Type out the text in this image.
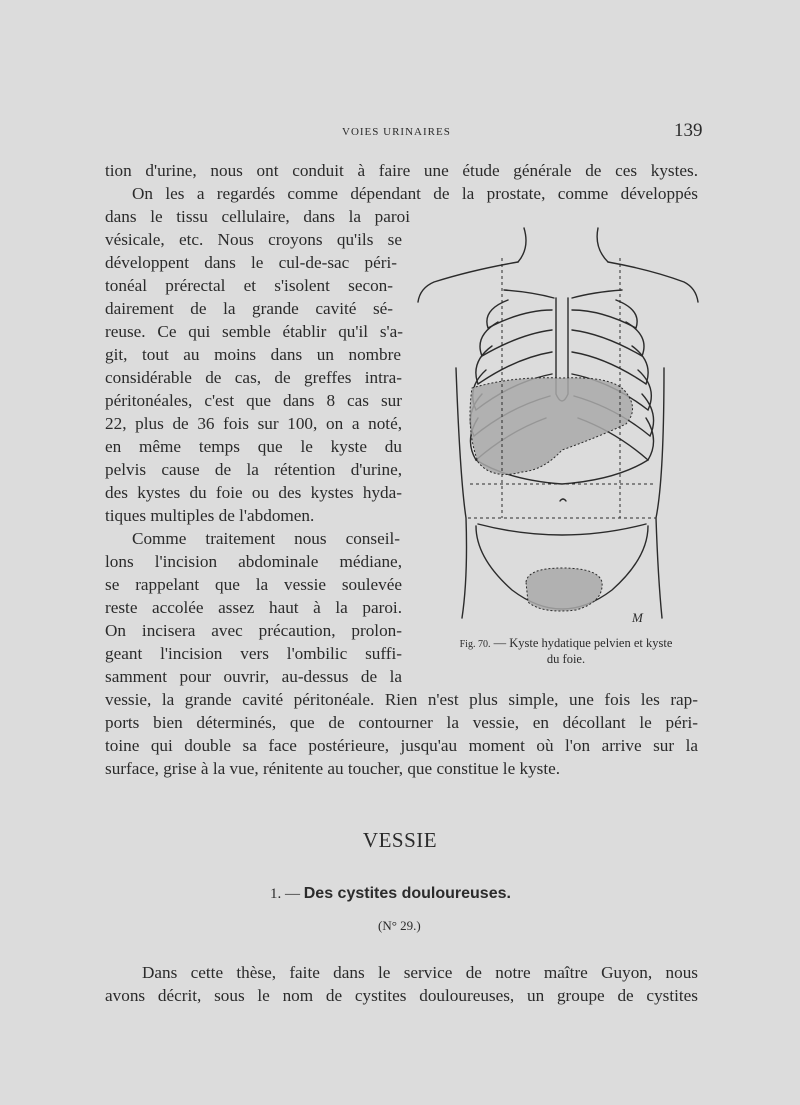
VOIES URINAIRES	139
tion d'urine, nous ont conduit à faire une étude générale de ces kystes.
On les a regardés comme dépendant de la prostate, comme développés
dans le tissu cellulaire, dans la paroi
vésicale, etc. Nous croyons qu'ils se
développent dans le cul-de-sac péri-
tonéal prérectal et s'isolent secon-
dairement de la grande cavité sé-
reuse. Ce qui semble établir qu'il s'a-
git, tout au moins dans un nombre
considérable de cas, de greffes intra-
péritonéales, c'est que dans 8 cas sur
22, plus de 36 fois sur 100, on a noté,
en même temps que le kyste du
pelvis cause de la rétention d'urine,
des kystes du foie ou des kystes hyda-
tiques multiples de l'abdomen.
Comme traitement nous conseil-
lons l'incision abdominale médiane,
se rappelant que la vessie soulevée
reste accolée assez haut à la paroi.
On incisera avec précaution, prolon-
geant l'incision vers l'ombilic suffi-
samment pour ouvrir, au-dessus de la
vessie, la grande cavité péritonéale. Rien n'est plus simple, une fois les rap-
ports bien déterminés, que de contourner la vessie, en décollant le péri-
toine qui double sa face postérieure, jusqu'au moment où l'on arrive sur la
surface, grise à la vue, rénitente au toucher, que constitue le kyste.
M
Fig. 70. — Kyste hydatique pelvien et kyste
du foie.
VESSIE
1. — Des cystites douloureuses.
(N° 29.)
Dans cette thèse, faite dans le service de notre maître Guyon, nous
avons décrit, sous le nom de cystites douloureuses, un groupe de cystites
